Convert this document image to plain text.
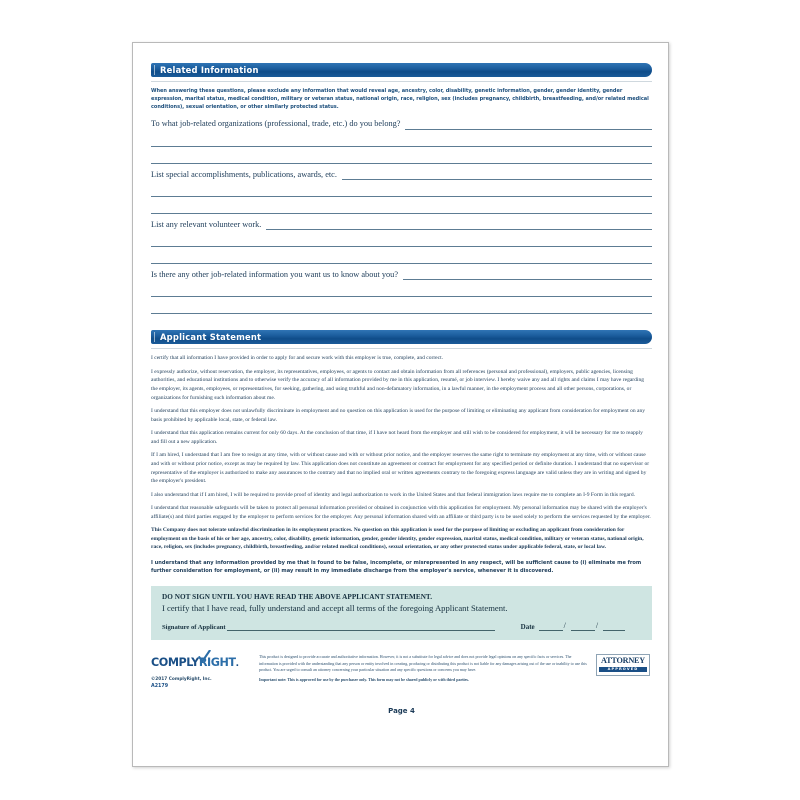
Related Information
When answering these questions, please exclude any information that would reveal age, ancestry, color, disability, genetic information, gender, gender identity, gender expression, marital status, medical condition, military or veteran status, national origin, race, religion, sex (includes pregnancy, childbirth, breastfeeding, and/or related medical conditions), sexual orientation, or other similarly protected status.
To what job-related organizations (professional, trade, etc.) do you belong?
List special accomplishments, publications, awards, etc.
List any relevant volunteer work.
Is there any other job-related information you want us to know about you?
Applicant Statement

I certify that all information I have provided in order to apply for and secure work with this employer is true, complete, and correct.

I expressly authorize, without reservation, the employer, its representatives, employees, or agents to contact and obtain information from all references (personal and professional), employers, public agencies, licensing authorities, and educational institutions and to otherwise verify the accuracy of all information provided by me in this application, resumé, or job interview. I hereby waive any and all rights and claims I may have regarding the employer, its agents, employees, or representatives, for seeking, gathering, and using truthful and non-defamatory information, in a lawful manner, in the employment process and all other persons, corporations, or organizations for furnishing such information about me.

I understand that this employer does not unlawfully discriminate in employment and no question on this application is used for the purpose of limiting or eliminating any applicant from consideration for employment on any basis prohibited by applicable local, state, or federal law.

I understand that this application remains current for only 60 days. At the conclusion of that time, if I have not heard from the employer and still wish to be considered for employment, it will be necessary for me to reapply and fill out a new application.

If I am hired, I understand that I am free to resign at any time, with or without cause and with or without prior notice, and the employer reserves the same right to terminate my employment at any time, with or without cause and with or without prior notice, except as may be required by law. This application does not constitute an agreement or contract for employment for any specified period or definite duration. I understand that no supervisor or representative of the employer is authorized to make any assurances to the contrary and that no implied oral or written agreements contrary to the foregoing express language are valid unless they are in writing and signed by the employer's president.

I also understand that if I am hired, I will be required to provide proof of identity and legal authorization to work in the United States and that federal immigration laws require me to complete an I-9 Form in this regard.

I understand that reasonable safeguards will be taken to protect all personal information provided or obtained in conjunction with this application for employment. My personal information may be shared with the employer's affiliate(s) and third parties engaged by the employer to perform services for the employer. Any personal information shared with an affiliate or third party is to be used solely to perform the services requested by the employer.

This Company does not tolerate unlawful discrimination in its employment practices. No question on this application is used for the purpose of limiting or excluding an applicant from consideration for employment on the basis of his or her age, ancestry, color, disability, genetic information, gender, gender identity, gender expression, marital status, medical condition, military or veteran status, national origin, race, religion, sex (includes pregnancy, childbirth, breastfeeding, and/or related medical conditions), sexual orientation, or any other protected status under applicable federal, state, or local law.

I understand that any information provided by me that is found to be false, incomplete, or misrepresented in any respect, will be sufficient cause to (i) eliminate me from further consideration for employment, or (ii) may result in my immediate discharge from the employer's service, whenever it is discovered.

DO NOT SIGN UNTIL YOU HAVE READ THE ABOVE APPLICANT STATEMENT.
I certify that I have read, fully understand and accept all terms of the foregoing Applicant Statement.
Signature of Applicant	Date	/	/
COMPLYRIGHT.
©2017 ComplyRight, Inc.
A2179

This product is designed to provide accurate and authoritative information. However, it is not a substitute for legal advice and does not provide legal opinions on any specific facts or services. The information is provided with the understanding that any person or entity involved in creating, producing or distributing this product is not liable for any damages arising out of the use or inability to use this product. You are urged to consult an attorney concerning your particular situation and any specific questions or concerns you may have.

Important note: This is approved for use by the purchaser only. This form may not be shared publicly or with third parties.

ATTORNEY
APPROVED
Page 4
